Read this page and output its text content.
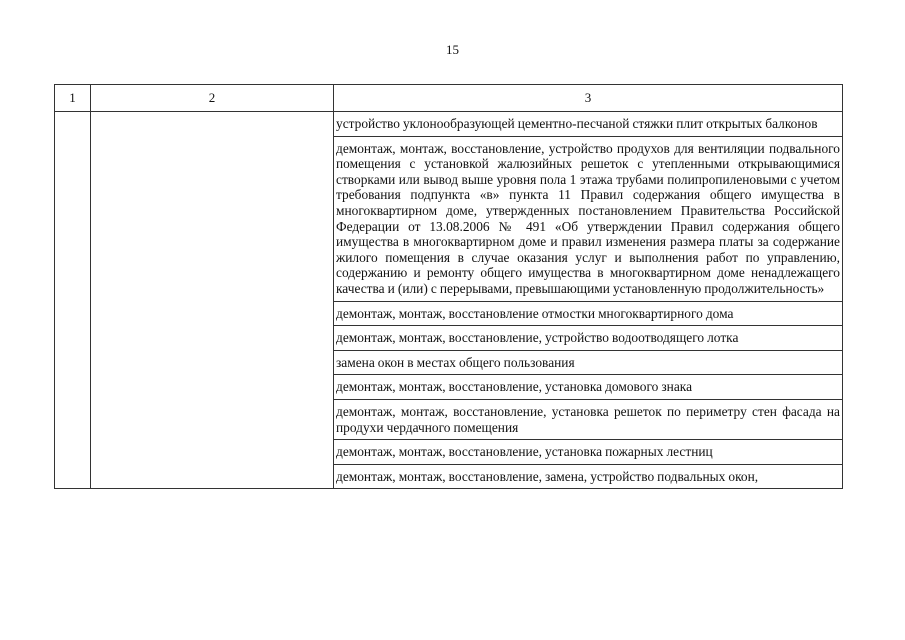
15
1	2	3

		устройство уклонообразующей цементно-песчаной стяжки плит открытых балконов

		демонтаж, монтаж, восстановление, устройство продухов для вентиляции подвального помещения с установкой жалюзийных решеток с утепленными открывающимися створками или вывод выше уровня пола 1 этажа трубами полипропиленовыми с учетом требования подпункта «в» пункта 11 Правил содержания общего имущества в многоквартирном доме, утвержденных постановлением Правительства Российской Федерации от 13.08.2006 № 491 «Об утверждении Правил содержания общего имущества в многоквартирном доме и правил изменения размера платы за содержание жилого помещения в случае оказания услуг и выполнения работ по управлению, содержанию и ремонту общего имущества в многоквартирном доме ненадлежащего качества и (или) с перерывами, превышающими установленную продолжительность»

		демонтаж, монтаж, восстановление отмостки многоквартирного дома

		демонтаж, монтаж, восстановление, устройство водоотводящего лотка

		замена окон в местах общего пользования

		демонтаж, монтаж, восстановление, установка домового знака

		демонтаж, монтаж, восстановление, установка решеток по периметру стен фасада на продухи чердачного помещения

		демонтаж, монтаж, восстановление, установка пожарных лестниц

		демонтаж, монтаж, восстановление, замена, устройство подвальных окон,
